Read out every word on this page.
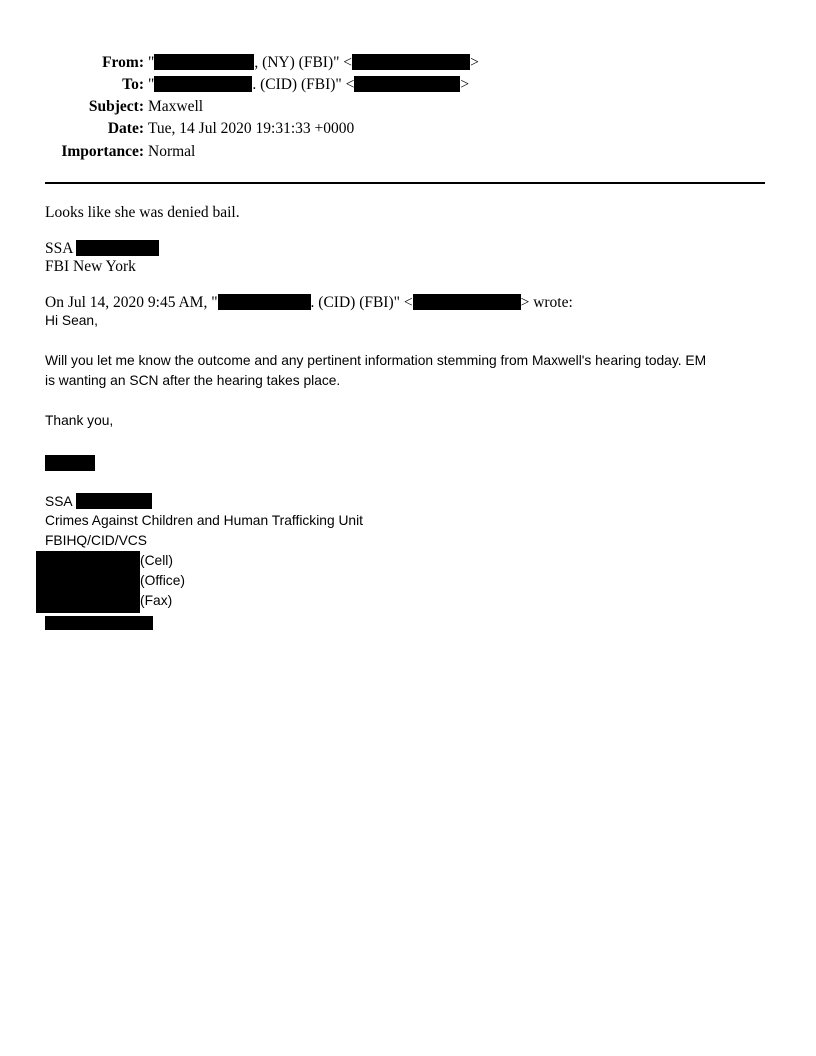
From: "	, (NY) (FBI)" <	>
To: "	. (CID) (FBI)" <	>
Subject: Maxwell
Date: Tue, 14 Jul 2020 19:31:33 +0000
Importance: Normal
Looks like she was denied bail.
SSA
FBI New York
On Jul 14, 2020 9:45 AM, "	. (CID) (FBI)" <	> wrote:
Hi Sean,
Will you let me know the outcome and any pertinent information stemming from Maxwell's hearing today. EM
is wanting an SCN after the hearing takes place.
Thank you,
SSA
Crimes Against Children and Human Trafficking Unit
FBIHQ/CID/VCS
(Cell)
(Office)
(Fax)
